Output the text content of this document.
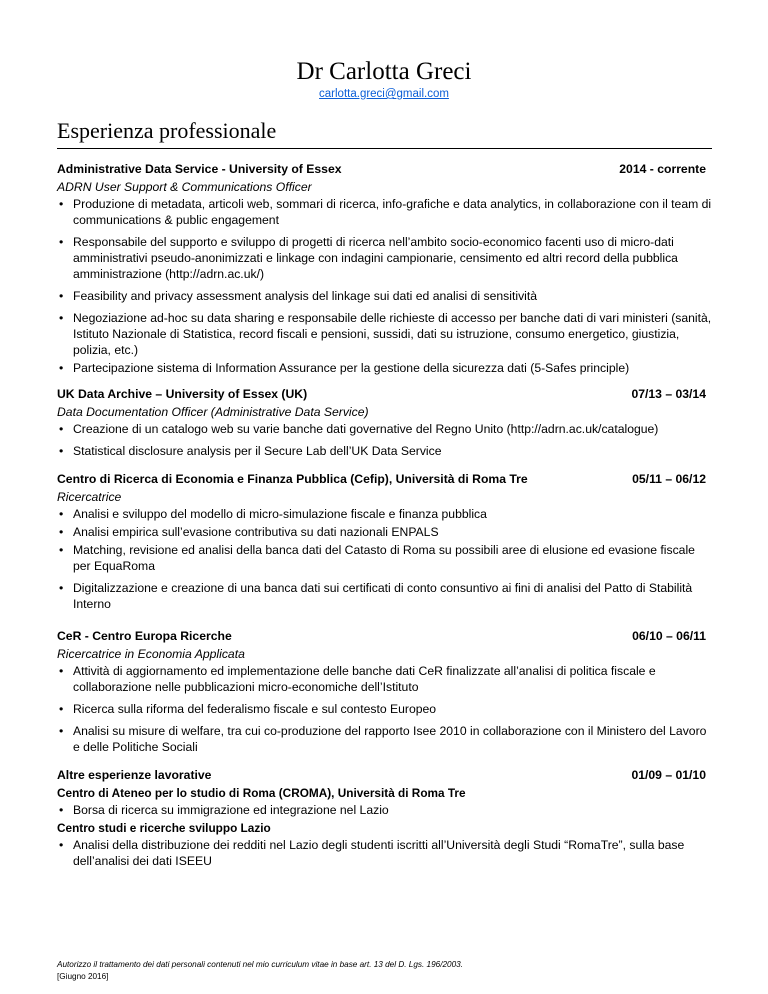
Dr Carlotta Greci
carlotta.greci@gmail.com
Esperienza professionale
Administrative Data Service - University of Essex	2014 - corrente
ADRN User Support & Communications Officer
• Produzione di metadata, articoli web, sommari di ricerca, info-grafiche e data analytics, in collaborazione con il team di communications & public engagement
• Responsabile del supporto e sviluppo di progetti di ricerca nell’ambito socio-economico facenti uso di micro-dati amministrativi pseudo-anonimizzati e linkage con indagini campionarie, censimento ed altri record della pubblica amministrazione (http://adrn.ac.uk/)
• Feasibility and privacy assessment analysis del linkage sui dati ed analisi di sensitività
• Negoziazione ad-hoc su data sharing e responsabile delle richieste di accesso per banche dati di vari ministeri (sanità, Istituto Nazionale di Statistica, record fiscali e pensioni, sussidi, dati su istruzione, consumo energetico, giustizia, polizia, etc.)
• Partecipazione sistema di Information Assurance per la gestione della sicurezza dati (5-Safes principle)
UK Data Archive – University of Essex (UK)	07/13 – 03/14
Data Documentation Officer (Administrative Data Service)
• Creazione di un catalogo web su varie banche dati governative del Regno Unito (http://adrn.ac.uk/catalogue)
• Statistical disclosure analysis per il Secure Lab dell’UK Data Service
Centro di Ricerca di Economia e Finanza Pubblica (Cefip), Università di Roma Tre	05/11 – 06/12
Ricercatrice
• Analisi e sviluppo del modello di micro-simulazione fiscale e finanza pubblica
• Analisi empirica sull’evasione contributiva su dati nazionali ENPALS
• Matching, revisione ed analisi della banca dati del Catasto di Roma su possibili aree di elusione ed evasione fiscale per EquaRoma
• Digitalizzazione e creazione di una banca dati sui certificati di conto consuntivo ai fini di analisi del Patto di Stabilità Interno
CeR - Centro Europa Ricerche	06/10 – 06/11
Ricercatrice in Economia Applicata
• Attività di aggiornamento ed implementazione delle banche dati CeR finalizzate all’analisi di politica fiscale e collaborazione nelle pubblicazioni micro-economiche dell’Istituto
• Ricerca sulla riforma del federalismo fiscale e sul contesto Europeo
• Analisi su misure di welfare, tra cui co-produzione del rapporto Isee 2010 in collaborazione con il Ministero del Lavoro e delle Politiche Sociali
Altre esperienze lavorative	01/09 – 01/10
Centro di Ateneo per lo studio di Roma (CROMA), Università di Roma Tre
• Borsa di ricerca su immigrazione ed integrazione nel Lazio
Centro studi e ricerche sviluppo Lazio
• Analisi della distribuzione dei redditi nel Lazio degli studenti iscritti all’Università degli Studi “RomaTre”, sulla base dell’analisi dei dati ISEEU
Autorizzo il trattamento dei dati personali contenuti nel mio curriculum vitae in base art. 13 del D. Lgs. 196/2003.
[Giugno 2016]
